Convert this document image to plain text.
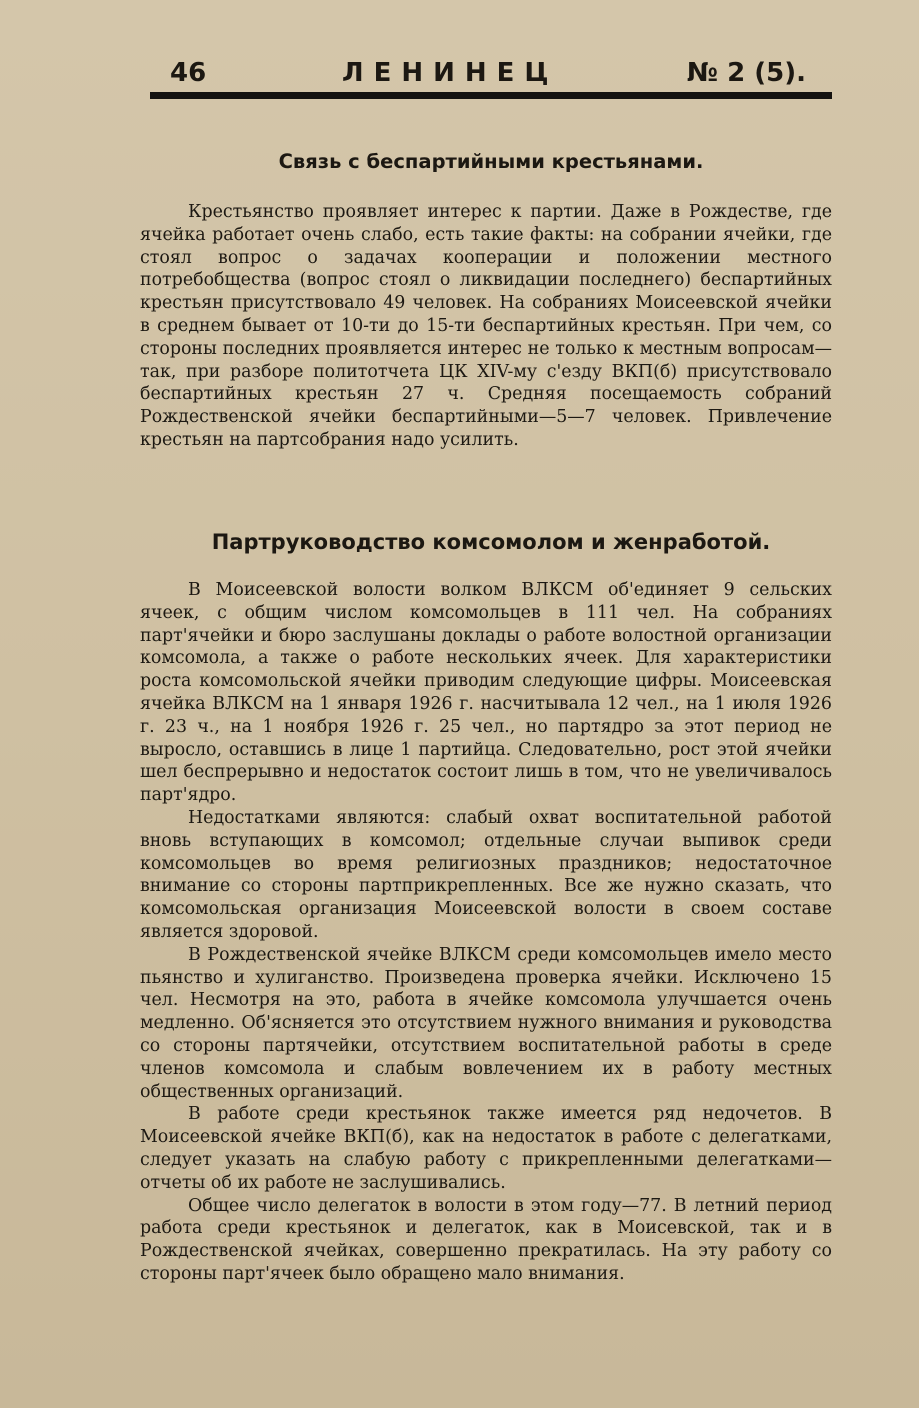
46	ЛЕНИНЕЦ	№ 2 (5).
Связь с беспартийными крестьянами.

Крестьянство проявляет интерес к партии. Даже в Рождестве, где ячейка работает очень слабо, есть такие факты: на собрании ячейки, где стоял вопрос о задачах кооперации и положении местного потребобщества (вопрос стоял о ликвидации последнего) беспартийных крестьян присутствовало 49 человек. На собраниях Моисеевской ячейки в среднем бывает от 10-ти до 15-ти беспартийных крестьян. При чем, со стороны последних проявляется интерес не только к местным вопросам—так, при разборе политотчета ЦК XIV-му с'езду ВКП(б) присутствовало беспартийных крестьян 27 ч. Средняя посещаемость собраний Рождественской ячейки беспартийными—5—7 человек. Привлечение крестьян на партсобрания надо усилить.

Партруководство комсомолом и женработой.

В Моисеевской волости волком ВЛКСМ об'единяет 9 сельских ячеек, с общим числом комсомольцев в 111 чел. На собраниях парт'ячейки и бюро заслушаны доклады о работе волостной организации комсомола, а также о работе нескольких ячеек. Для характеристики роста комсомольской ячейки приводим следующие цифры. Моисеевская ячейка ВЛКСМ на 1 января 1926 г. насчитывала 12 чел., на 1 июля 1926 г. 23 ч., на 1 ноября 1926 г. 25 чел., но партядро за этот период не выросло, оставшись в лице 1 партийца. Следовательно, рост этой ячейки шел беспрерывно и недостаток состоит лишь в том, что не увеличивалось парт'ядро.

Недостатками являются: слабый охват воспитательной работой вновь вступающих в комсомол; отдельные случаи выпивок среди комсомольцев во время религиозных праздников; недостаточное внимание со стороны партприкрепленных. Все же нужно сказать, что комсомольская организация Моисеевской волости в своем составе является здоровой.

В Рождественской ячейке ВЛКСМ среди комсомольцев имело место пьянство и хулиганство. Произведена проверка ячейки. Исключено 15 чел. Несмотря на это, работа в ячейке комсомола улучшается очень медленно. Об'ясняется это отсутствием нужного внимания и руководства со стороны партячейки, отсутствием воспитательной работы в среде членов комсомола и слабым вовлечением их в работу местных общественных организаций.

В работе среди крестьянок также имеется ряд недочетов. В Моисеевской ячейке ВКП(б), как на недостаток в работе с делегатками, следует указать на слабую работу с прикрепленными делегатками—отчеты об их работе не заслушивались.

Общее число делегаток в волости в этом году—77. В летний период работа среди крестьянок и делегаток, как в Моисевской, так и в Рождественской ячейках, совершенно прекратилась. На эту работу со стороны парт'ячеек было обращено мало внимания.
